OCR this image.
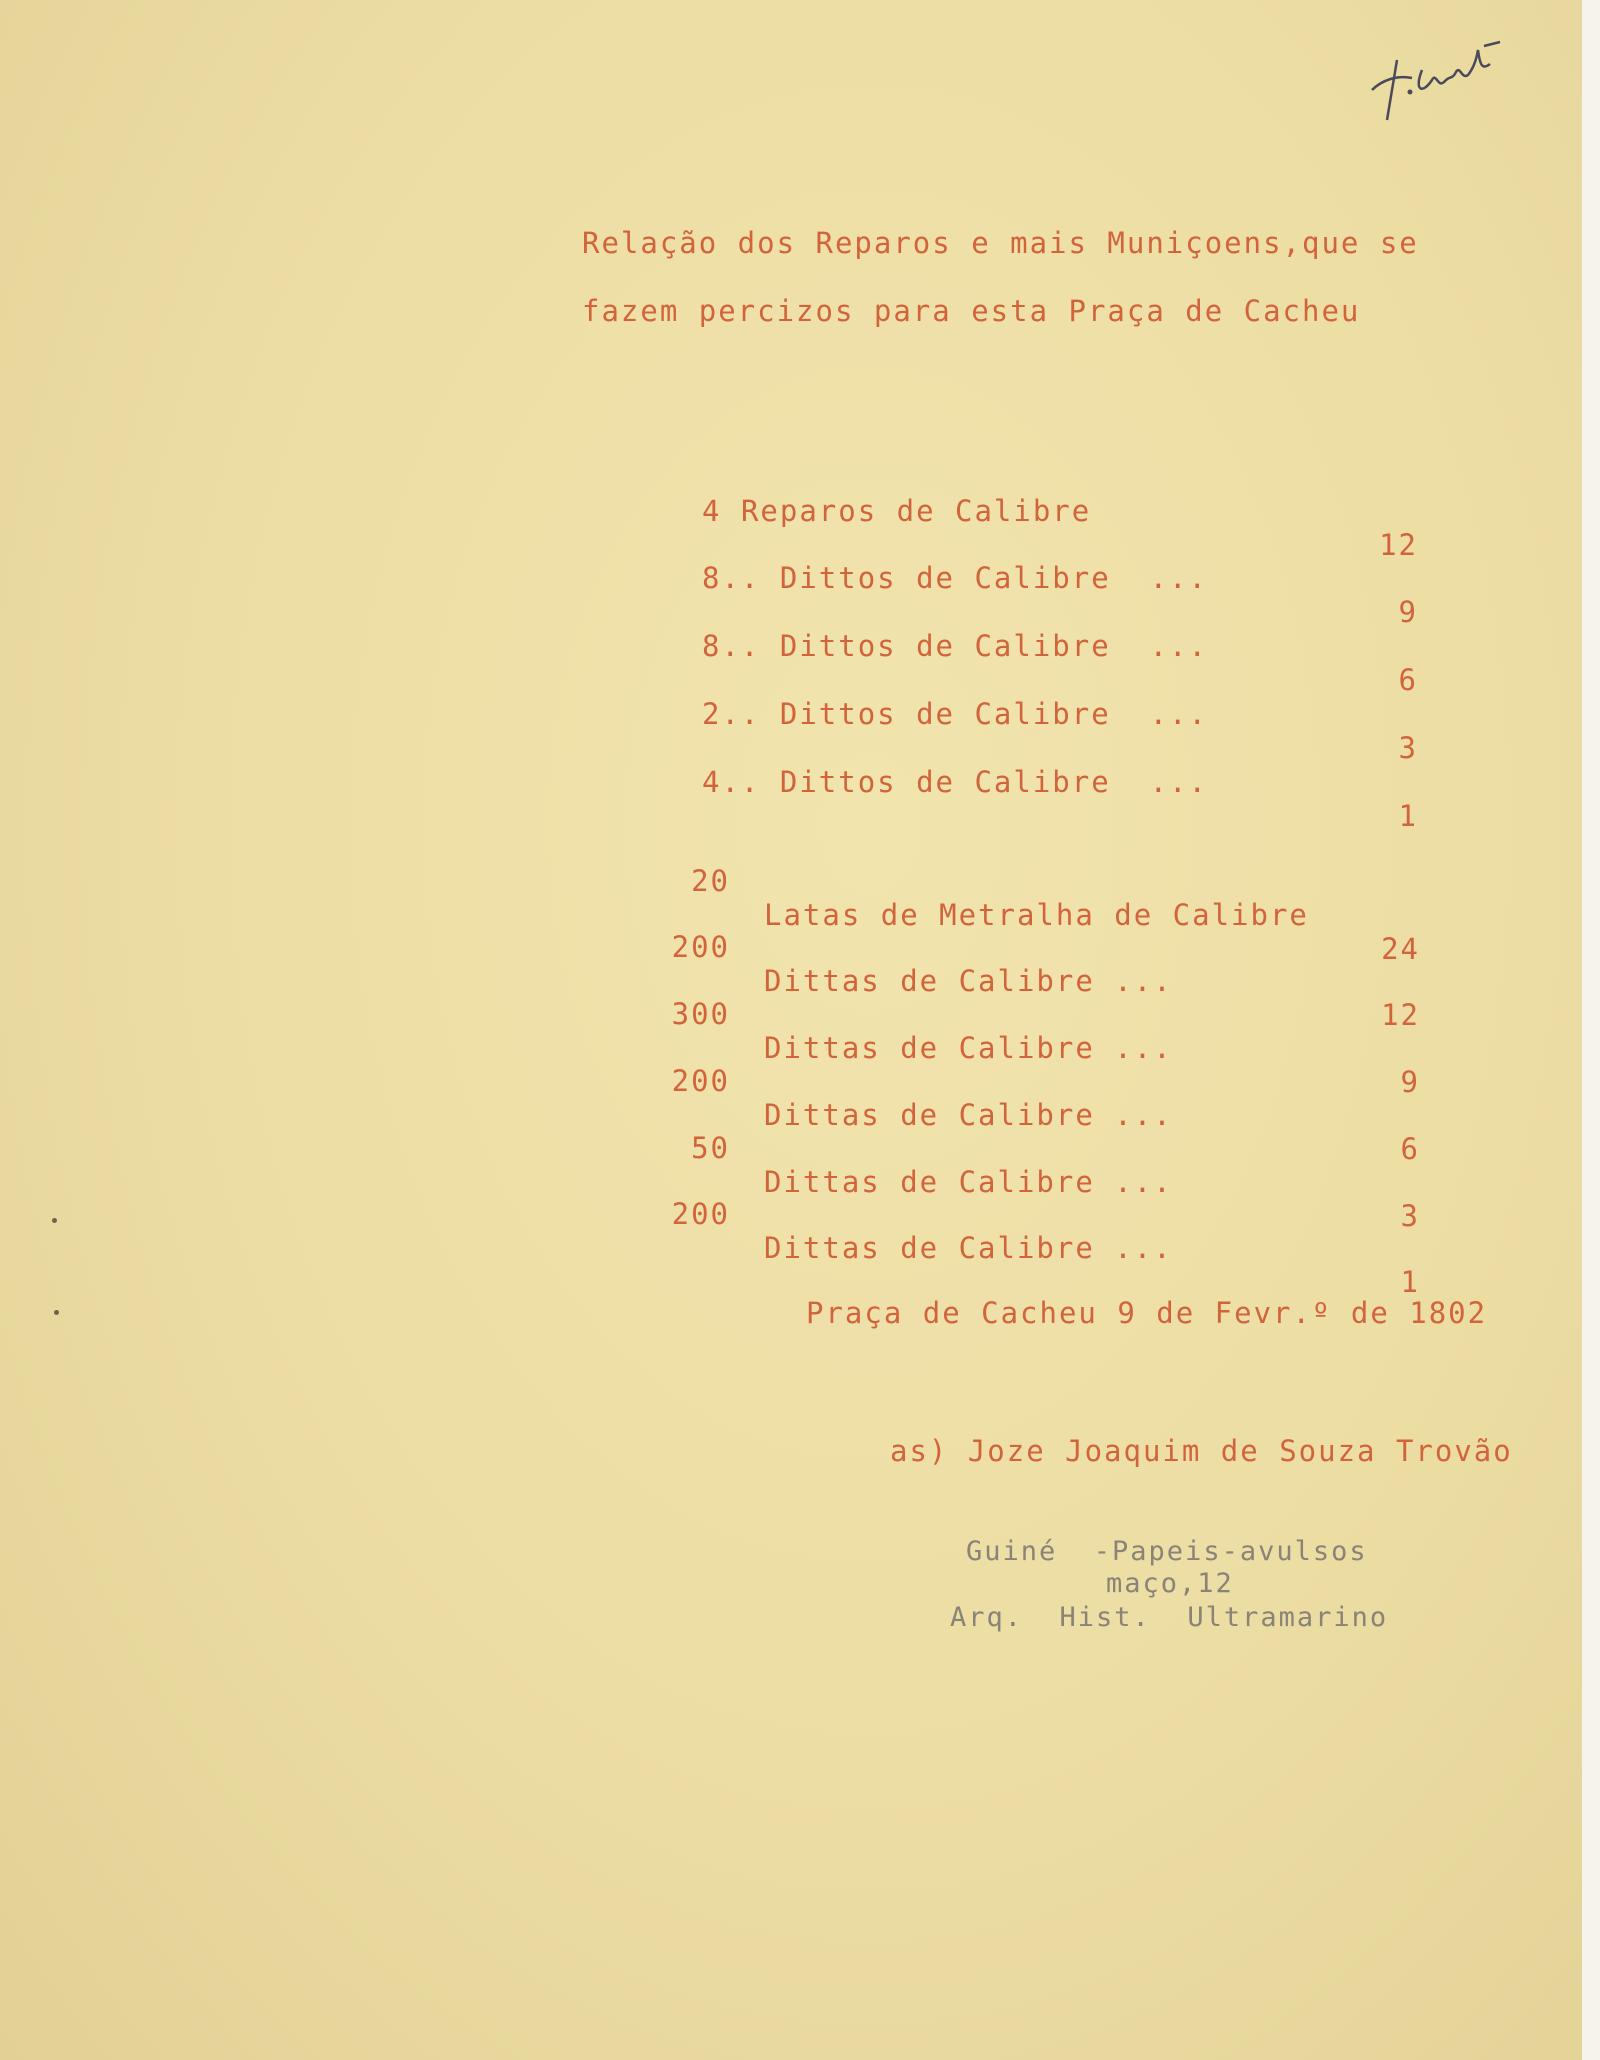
Relação dos Reparos e mais Muniçoens,que se
fazem percizos para esta Praça de Cacheu

4 Reparos de Calibre

12

8.. Dittos de Calibre ...

9

8.. Dittos de Calibre ...

6

2.. Dittos de Calibre ...

3

4.. Dittos de Calibre ...

1

20

Latas de Metralha de Calibre

24

200

Dittas de Calibre ...

12

300

Dittas de Calibre ...

9

200

Dittas de Calibre ...

6

50

Dittas de Calibre ...

3

200

Dittas de Calibre ...

1

Praça de Cacheu 9 de Fevr.º de 1802
as) Joze Joaquim de Souza Trovão
Guiné  -Papeis-avulsos
maço,12
Arq.  Hist.  Ultramarino
